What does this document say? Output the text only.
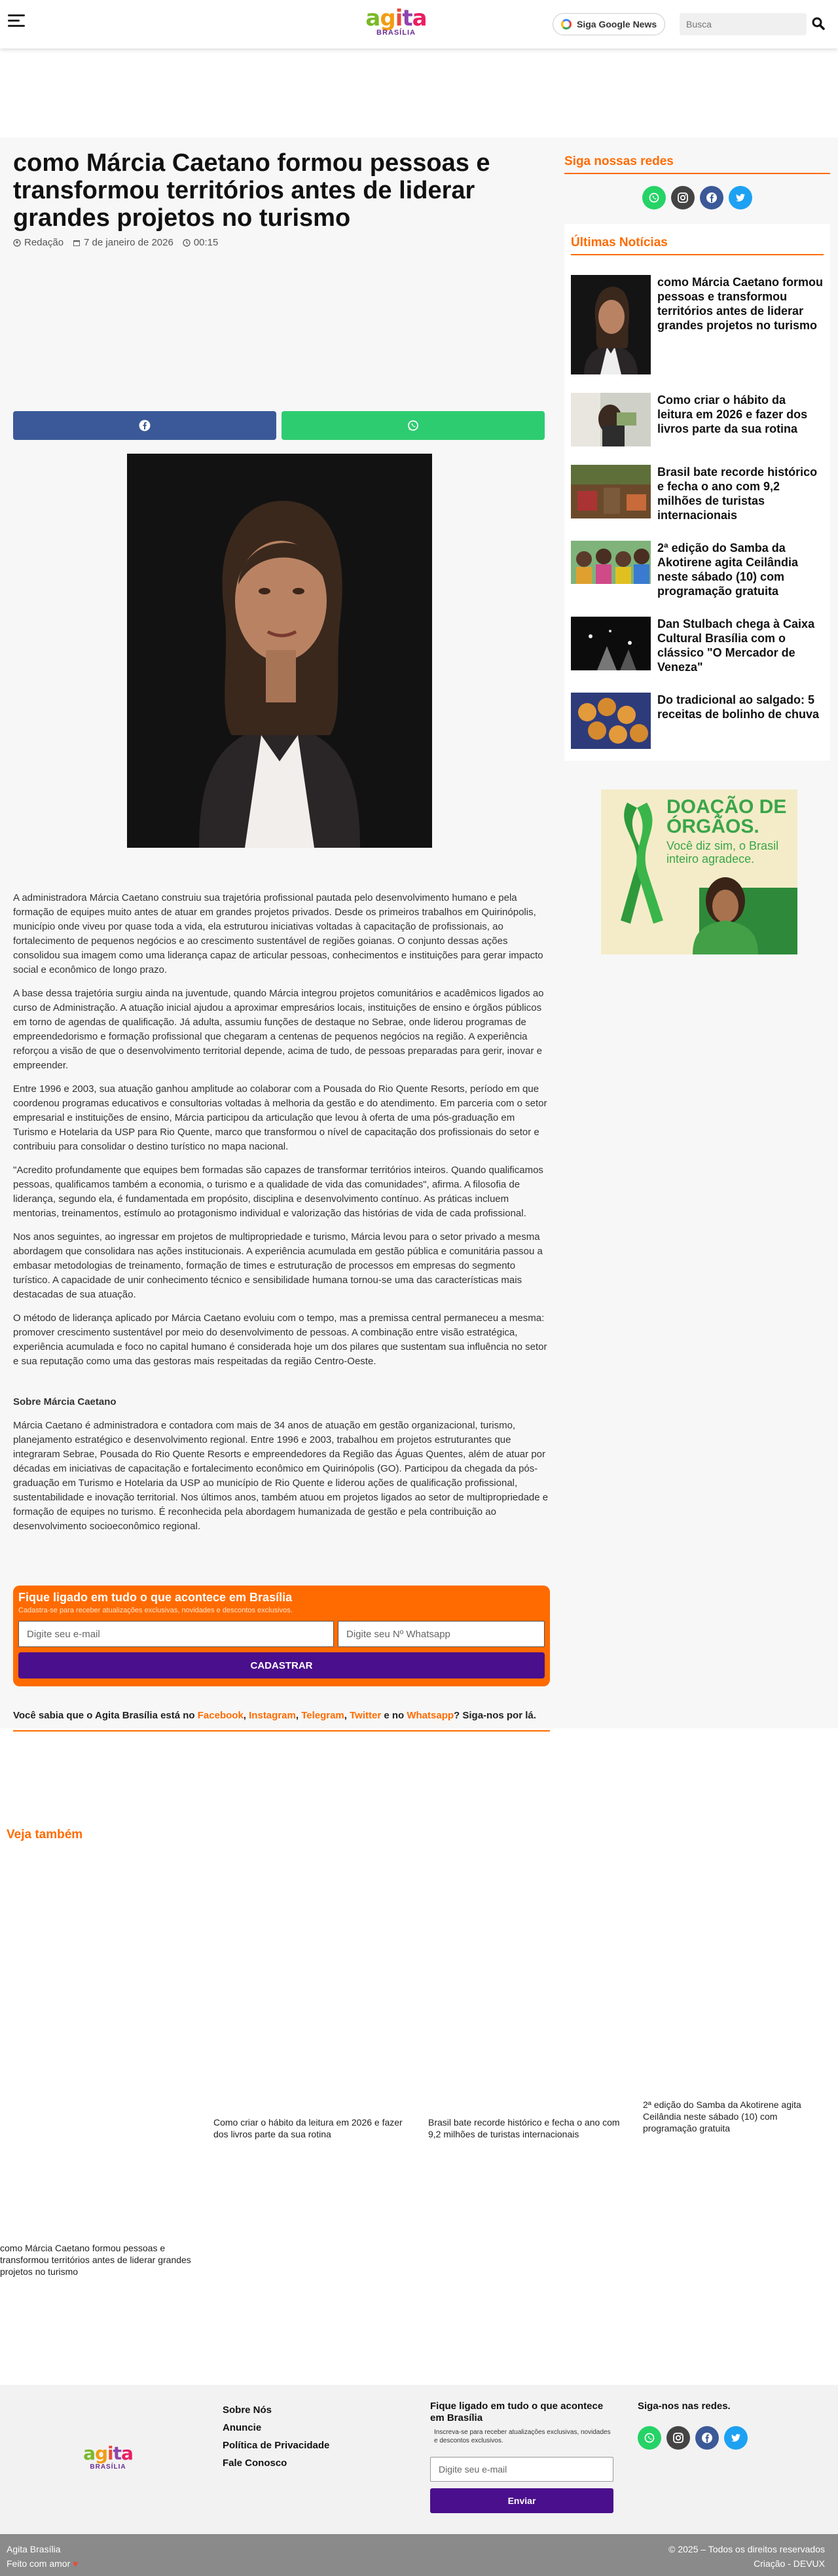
agita
BRASÍLIA
Siga Google News
Busca
como Márcia Caetano formou pessoas e transformou territórios antes de liderar grandes projetos no turismo
Redação 7 de janeiro de 2026 00:15

A administradora Márcia Caetano construiu sua trajetória profissional pautada pelo desenvolvimento humano e pela formação de equipes muito antes de atuar em grandes projetos privados. Desde os primeiros trabalhos em Quirinópolis, município onde viveu por quase toda a vida, ela estruturou iniciativas voltadas à capacitação de profissionais, ao fortalecimento de pequenos negócios e ao crescimento sustentável de regiões goianas. O conjunto dessas ações consolidou sua imagem como uma liderança capaz de articular pessoas, conhecimentos e instituições para gerar impacto social e econômico de longo prazo.

A base dessa trajetória surgiu ainda na juventude, quando Márcia integrou projetos comunitários e acadêmicos ligados ao curso de Administração. A atuação inicial ajudou a aproximar empresários locais, instituições de ensino e órgãos públicos em torno de agendas de qualificação. Já adulta, assumiu funções de destaque no Sebrae, onde liderou programas de empreendedorismo e formação profissional que chegaram a centenas de pequenos negócios na região. A experiência reforçou a visão de que o desenvolvimento territorial depende, acima de tudo, de pessoas preparadas para gerir, inovar e empreender.

Entre 1996 e 2003, sua atuação ganhou amplitude ao colaborar com a Pousada do Rio Quente Resorts, período em que coordenou programas educativos e consultorias voltadas à melhoria da gestão e do atendimento. Em parceria com o setor empresarial e instituições de ensino, Márcia participou da articulação que levou à oferta de uma pós-graduação em Turismo e Hotelaria da USP para Rio Quente, marco que transformou o nível de capacitação dos profissionais do setor e contribuiu para consolidar o destino turístico no mapa nacional.

"Acredito profundamente que equipes bem formadas são capazes de transformar territórios inteiros. Quando qualificamos pessoas, qualificamos também a economia, o turismo e a qualidade de vida das comunidades", afirma. A filosofia de liderança, segundo ela, é fundamentada em propósito, disciplina e desenvolvimento contínuo. As práticas incluem mentorias, treinamentos, estímulo ao protagonismo individual e valorização das histórias de vida de cada profissional.

Nos anos seguintes, ao ingressar em projetos de multipropriedade e turismo, Márcia levou para o setor privado a mesma abordagem que consolidara nas ações institucionais. A experiência acumulada em gestão pública e comunitária passou a embasar metodologias de treinamento, formação de times e estruturação de processos em empresas do segmento turístico. A capacidade de unir conhecimento técnico e sensibilidade humana tornou-se uma das características mais destacadas de sua atuação.

O método de liderança aplicado por Márcia Caetano evoluiu com o tempo, mas a premissa central permaneceu a mesma: promover crescimento sustentável por meio do desenvolvimento de pessoas. A combinação entre visão estratégica, experiência acumulada e foco no capital humano é considerada hoje um dos pilares que sustentam sua influência no setor e sua reputação como uma das gestoras mais respeitadas da região Centro-Oeste.

Sobre Márcia Caetano

Márcia Caetano é administradora e contadora com mais de 34 anos de atuação em gestão organizacional, turismo, planejamento estratégico e desenvolvimento regional. Entre 1996 e 2003, trabalhou em projetos estruturantes que integraram Sebrae, Pousada do Rio Quente Resorts e empreendedores da Região das Águas Quentes, além de atuar por décadas em iniciativas de capacitação e fortalecimento econômico em Quirinópolis (GO). Participou da chegada da pós-graduação em Turismo e Hotelaria da USP ao município de Rio Quente e liderou ações de qualificação profissional, sustentabilidade e inovação territorial. Nos últimos anos, também atuou em projetos ligados ao setor de multipropriedade e formação de equipes no turismo. É reconhecida pela abordagem humanizada de gestão e pela contribuição ao desenvolvimento socioeconômico regional.

Fique ligado em tudo o que acontece em Brasília
Cadastra-se para receber atualizações exclusivas, novidades e descontos exclusivos.
Digite seu e-mail	Digite seu Nº Whatsapp
CADASTRAR
Você sabia que o Agita Brasília está no Facebook, Instagram, Telegram, Twitter e no Whatsapp? Siga-nos por lá.
Siga nossas redes
Últimas Notícias
como Márcia Caetano formou pessoas e transformou territórios antes de liderar grandes projetos no turismo
Como criar o hábito da leitura em 2026 e fazer dos livros parte da sua rotina
Brasil bate recorde histórico e fecha o ano com 9,2 milhões de turistas internacionais
2ª edição do Samba da Akotirene agita Ceilândia neste sábado (10) com programação gratuita
Dan Stulbach chega à Caixa Cultural Brasília com o clássico "O Mercador de Veneza"
Do tradicional ao salgado: 5 receitas de bolinho de chuva
DOAÇÃO DE ÓRGÃOS.
Você diz sim, o Brasil inteiro agradece.
Veja também
Como criar o hábito da leitura em 2026 e fazer dos livros parte da sua rotina
Brasil bate recorde histórico e fecha o ano com 9,2 milhões de turistas internacionais
2ª edição do Samba da Akotirene agita Ceilândia neste sábado (10) com programação gratuita
como Márcia Caetano formou pessoas e transformou territórios antes de liderar grandes projetos no turismo
agita
BRASÍLIA
Sobre Nós
Anuncie
Política de Privacidade
Fale Conosco
Fique ligado em tudo o que acontece em Brasília
Inscreva-se para receber atualizações exclusivas, novidades e descontos exclusivos.
Digite seu e-mail
Enviar
Siga-nos nas redes.
Agita Brasília
Feito com amor ♥
© 2025 – Todos os direitos reservados
Criação - DEVUX
